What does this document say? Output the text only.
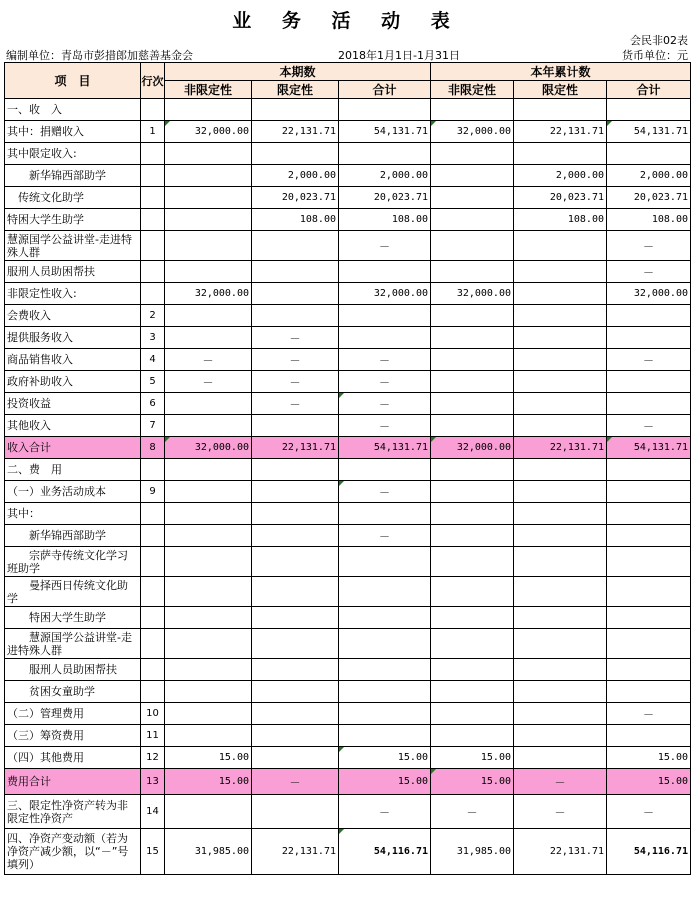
业 务 活 动 表
会民非02表
编制单位：青岛市彭措郎加慈善基金会	2018年1月1日-1月31日	货币单位：元
项　目	行次	本期数			本年累计数		
		非限定性	限定性	合计	非限定性	限定性	合计
一、收　入							
其中：捐赠收入	1	32,000.00	22,131.71	54,131.71	32,000.00	22,131.71	54,131.71
其中限定收入:							
　　新华锦西部助学			2,000.00	2,000.00		2,000.00	2,000.00
　传统文化助学			20,023.71	20,023.71		20,023.71	20,023.71
特困大学生助学			108.00	108.00		108.00	108.00
慧源国学公益讲堂-走进特殊人群				－			－
服刑人员助困帮扶							－
非限定性收入:		32,000.00		32,000.00	32,000.00		32,000.00
会费收入	2						
提供服务收入	3		－				
商品销售收入	4	－	－	－			－
政府补助收入	5	－	－	－			
投资收益	6		－	－			
其他收入	7			－			－
收入合计	8	32,000.00	22,131.71	54,131.71	32,000.00	22,131.71	54,131.71
二、费　用							
（一）业务活动成本	9			－			
其中：							
　　新华锦西部助学				－			
　　宗萨寺传统文化学习班助学							
　　曼择西日传统文化助学							
　　特困大学生助学							
　　慧源国学公益讲堂-走进特殊人群							
　　服刑人员助困帮扶							
　　贫困女童助学							
（二）管理费用	10						－
（三）筹资费用	11						
（四）其他费用	12	15.00		15.00	15.00		15.00
费用合计	13	15.00	－	15.00	15.00	－	15.00
三、限定性净资产转为非限定性净资产	14			－	－	－	－
四、净资产变动额（若为净资产减少额，以“－”号填列）	15	31,985.00	22,131.71	54,116.71	31,985.00	22,131.71	54,116.71
